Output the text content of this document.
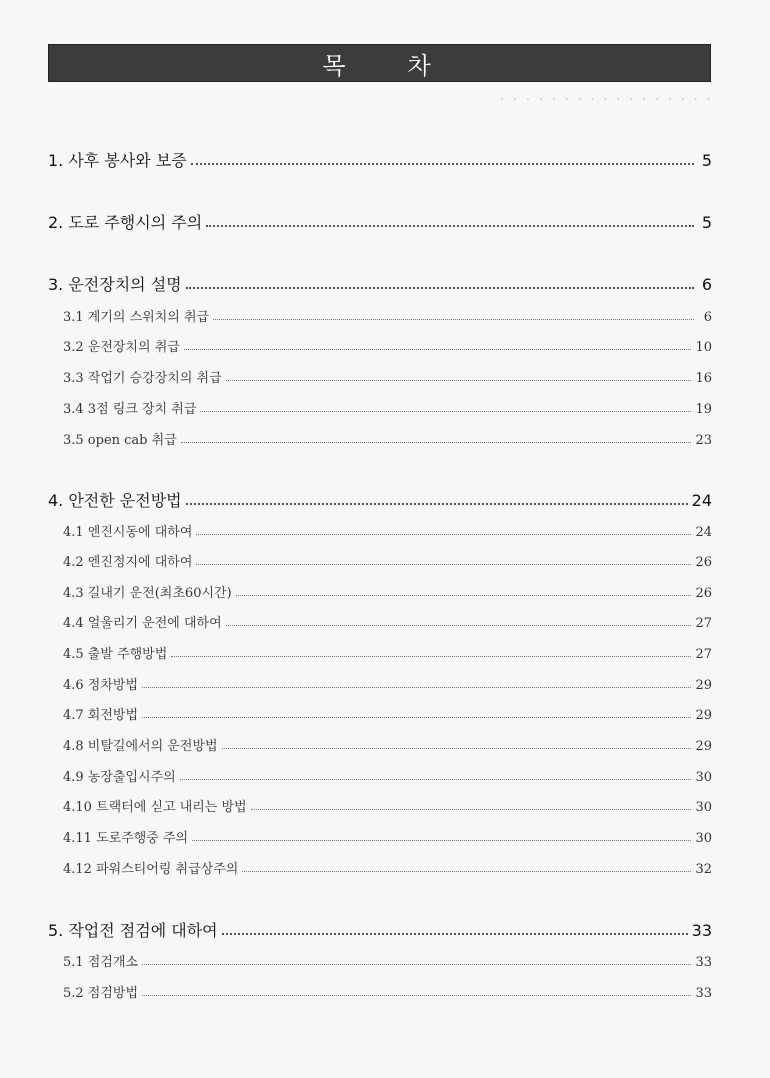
목 차
· · · · · · · · · · · · · · · · ·
1. 사후 봉사와 보증	5
2. 도로 주행시의 주의	5
3. 운전장치의 설명	6
3.1 계기의 스위치의 취급	6
3.2 운전장치의 취급	10
3.3 작업기 승강장치의 취급	16
3.4 3점 링크 장치 취급	19
3.5 open cab 취급	23
4. 안전한 운전방법	24
4.1 엔진시동에 대하여	24
4.2 엔진정지에 대하여	26
4.3 길내기 운전(최초60시간)	26
4.4 얼울리기 운전에 대하여	27
4.5 출발 주행방법	27
4.6 정차방법	29
4.7 회전방법	29
4.8 비탈길에서의 운전방법	29
4.9 농장출입시주의	30
4.10 트랙터에 싣고 내리는 방법	30
4.11 도로주행중 주의	30
4.12 파워스티어링 취급상주의	32
5. 작업전 점검에 대하여	33
5.1 점검개소	33
5.2 점검방법	33
